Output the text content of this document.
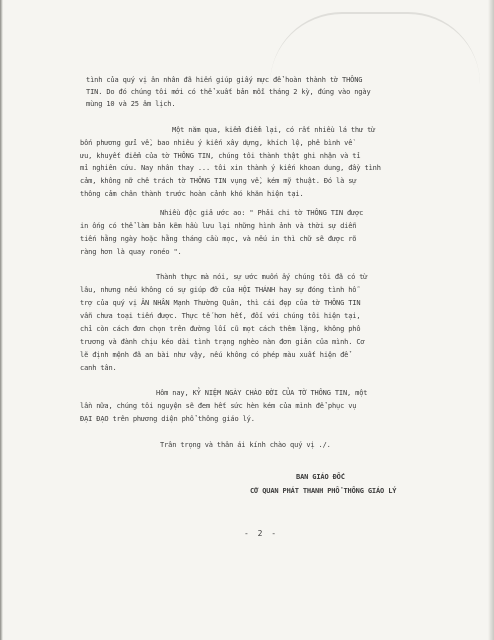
tình của quý vị ân nhân đã hiến giúp giấy mực để hoàn thành tờ THÔNG
TIN. Do đó chúng tôi mới có thể xuất bản mỗi tháng 2 kỳ, đúng vào ngày
mùng 10 và 25 âm lịch.
Một năm qua, kiểm điểm lại, có rất nhiều lá thư từ
bốn phương gửi về, bao nhiêu ý kiến xây dựng, khích lệ, phê bình về
ưu, khuyết điểm của tờ THÔNG TIN, chúng tôi thành thật ghi nhận và tỉ
mỉ nghiên cứu. Nay nhân thay ... tôi xin thành ý kiến khoan dung, đầy tình
cảm, không nỡ chê trách tờ THÔNG TIN vụng về, kém mỹ thuật. Đó là sự
thông cảm chân thành trước hoàn cảnh khó khăn hiện tại.
Nhiều độc giả ước ao: " Phải chi tờ THÔNG TIN được
in ống có thể làm bản kẽm hầu lưu lại những hình ảnh và thời sự diễn
tiến hằng ngày hoặc hằng tháng cầu mọc, và nếu in thì chữ sẽ được rõ
ràng hơn là quay ronéo ".
Thành thực mà nói, sự ước muốn ấy chúng tôi đã có từ
lâu, nhưng nếu không có sự giúp đỡ của HỘI THÁNH hay sự đóng tình hỗ
trợ của quý vị ÂN NHÂN Mạnh Thường Quân, thì cái đẹp của tờ THÔNG TIN
vẫn chưa toại tiến được. Thực tế hơn hết, đối với chúng tôi hiện tại,
chỉ còn cách đơn chọn trên đường lối cũ mọt cách thêm lặng, không phô
trương và đành chịu kéo dài tình trạng nghèo nàn đơn giản của mình. Cơ
lẽ định mệnh đã an bài như vậy, nếu không có phép màu xuất hiện để
canh tân.
Hôm nay, KỶ NIỆM NGÀY CHÀO ĐỜI CỦA TỜ THÔNG TIN, một
lần nữa, chúng tôi nguyện sẽ đem hết sức hèn kém của mình để phục vụ
ĐẠI ĐẠO trên phương diện phổ thông giáo lý.
Trân trọng và thân ái kính chào quý vị ./.
BAN GIÁO ĐỐC
CƠ QUAN PHÁT THANH PHỔ THÔNG GIÁO LÝ
- 2 -
